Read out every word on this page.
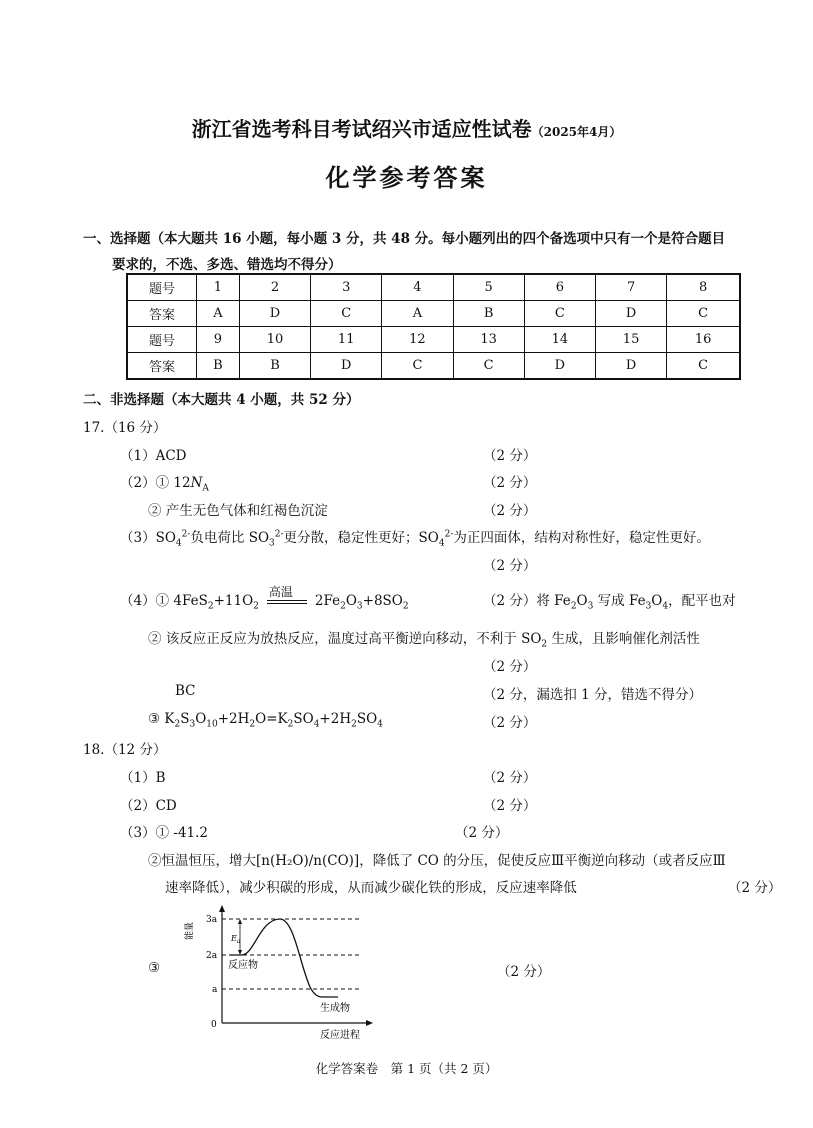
浙江省选考科目考试绍兴市适应性试卷（2025年4月）
化学参考答案
一、选择题（本大题共 16 小题，每小题 3 分，共 48 分。每小题列出的四个备选项中只有一个是符合题目
要求的，不选、多选、错选均不得分）
题号	1	2	3	4	5	6	7	8
答案	A	D	C	A	B	C	D	C
题号	9	10	11	12	13	14	15	16
答案	B	B	D	C	C	D	D	C
二、非选择题（本大题共 4 小题，共 52 分）
17.（16 分）
（1）ACD	（2 分）
（2）① $12N_A$	（2 分）
② 产生无色气体和红褐色沉淀	（2 分）
$(3)SO_4^{2-}$负电荷比 $SO_3^{2-}$更分散，稳定性更好；$SO_4^{2-}$为正四面体，结构对称性好，稳定性更好。
（2 分）
（4）① $4FeS_2+11O_2$
高温
$2Fe_2O_3+8SO_2$	（2 分）将 $Fe_2O_3$ 写成 $Fe_3O_4$，配平也对
② 该反应正反应为放热反应，温度过高平衡逆向移动，不利于 $SO_2$ 生成，且影响催化剂活性
（2 分）
BC	（2 分，漏选扣 1 分，错选不得分）
③ $K_2S_3O_{10}+2H_2O=K_2SO_4+2H_2SO_4$	（2 分）
18.（12 分）
（1）B	（2 分）
（2）CD	（2 分）
（3）① -41.2	（2 分）
②恒温恒压，增大[n(H₂O)/n(CO)]，降低了 CO 的分压，促使反应Ⅲ平衡逆向移动（或者反应Ⅲ
速率降低），减少积碳的形成，从而减少碳化铁的形成，反应速率降低	（2 分）
③	（2 分）
3a
2a
a
0
能量	$E_a$
反应物
生成物
反应进程
化学答案卷　第 1 页（共 2 页）
